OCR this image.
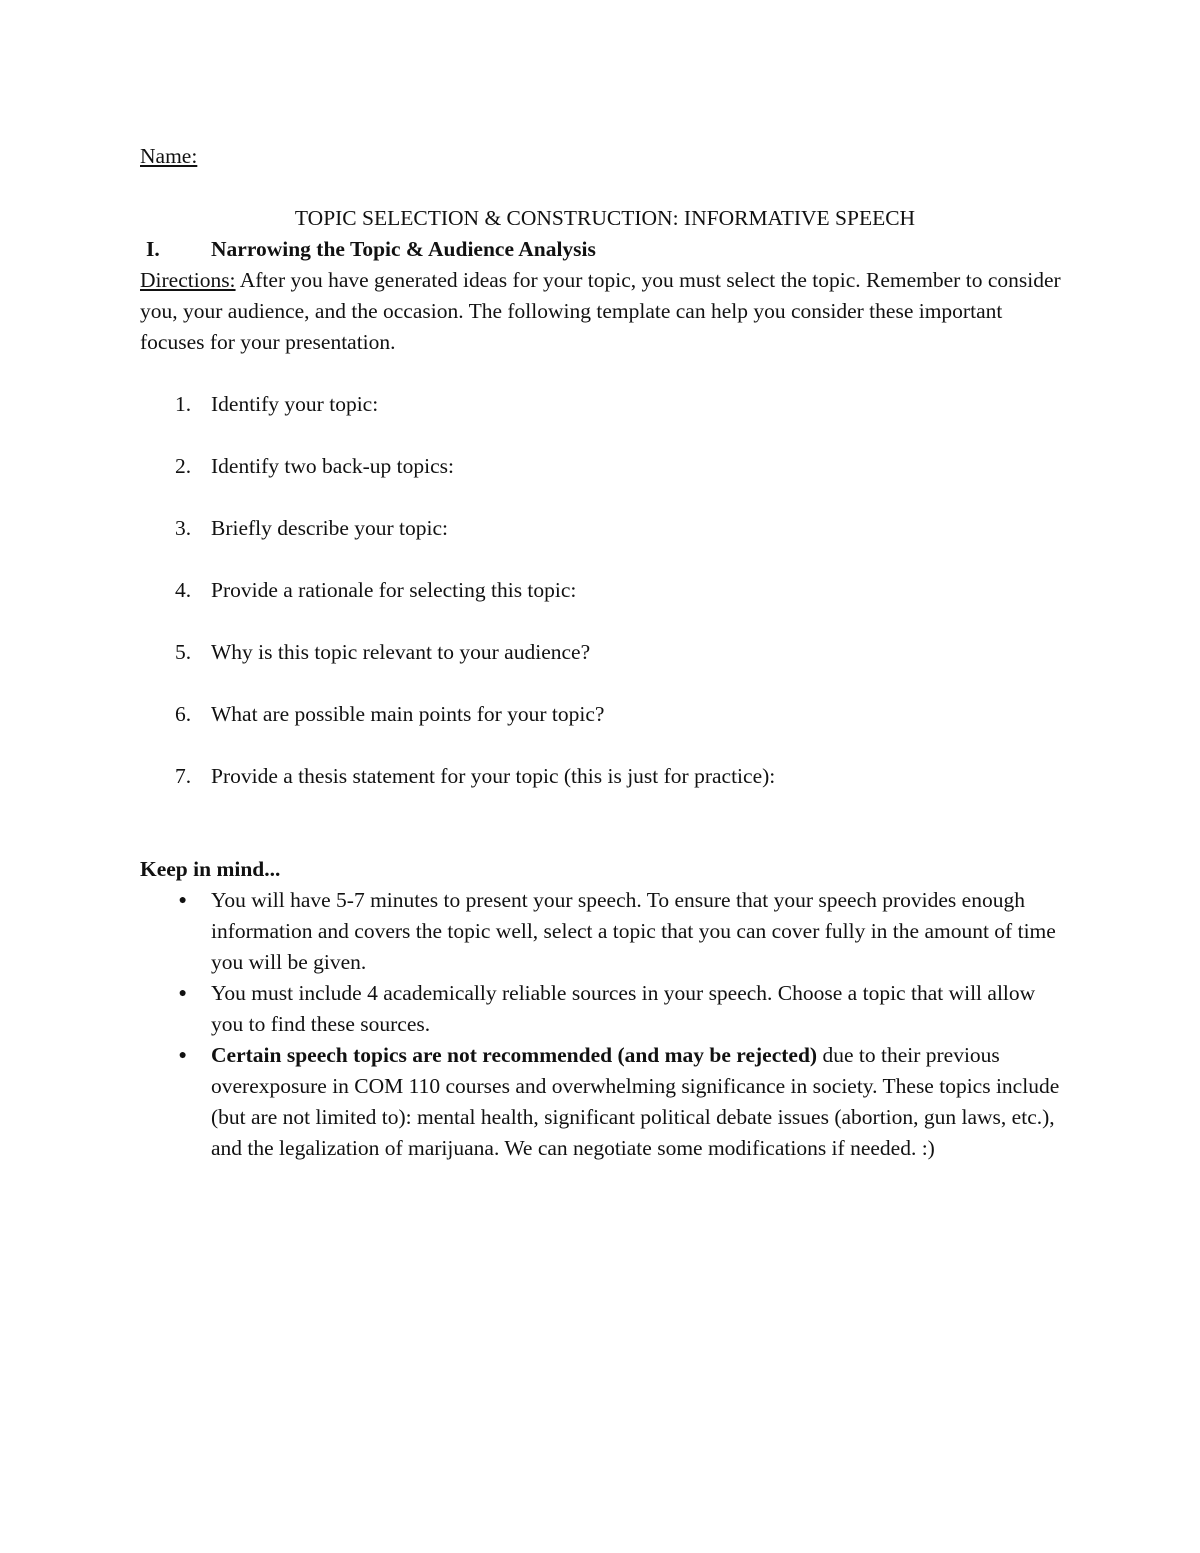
Name:

TOPIC SELECTION & CONSTRUCTION: INFORMATIVE SPEECH

I.	Narrowing the Topic & Audience Analysis

Directions: After you have generated ideas for your topic, you must select the topic. Remember to consider you, your audience, and the occasion. The following template can help you consider these important focuses for your presentation.

1. Identify your topic:
2. Identify two back-up topics:
3. Briefly describe your topic:
4. Provide a rationale for selecting this topic:
5. Why is this topic relevant to your audience?
6. What are possible main points for your topic?
7. Provide a thesis statement for your topic (this is just for practice):

Keep in mind...

●	You will have 5-7 minutes to present your speech. To ensure that your speech provides enough information and covers the topic well, select a topic that you can cover fully in the amount of time you will be given.
●	You must include 4 academically reliable sources in your speech. Choose a topic that will allow you to find these sources.
●	Certain speech topics are not recommended (and may be rejected) due to their previous overexposure in COM 110 courses and overwhelming significance in society. These topics include (but are not limited to): mental health, significant political debate issues (abortion, gun laws, etc.), and the legalization of marijuana. We can negotiate some modifications if needed. :)
